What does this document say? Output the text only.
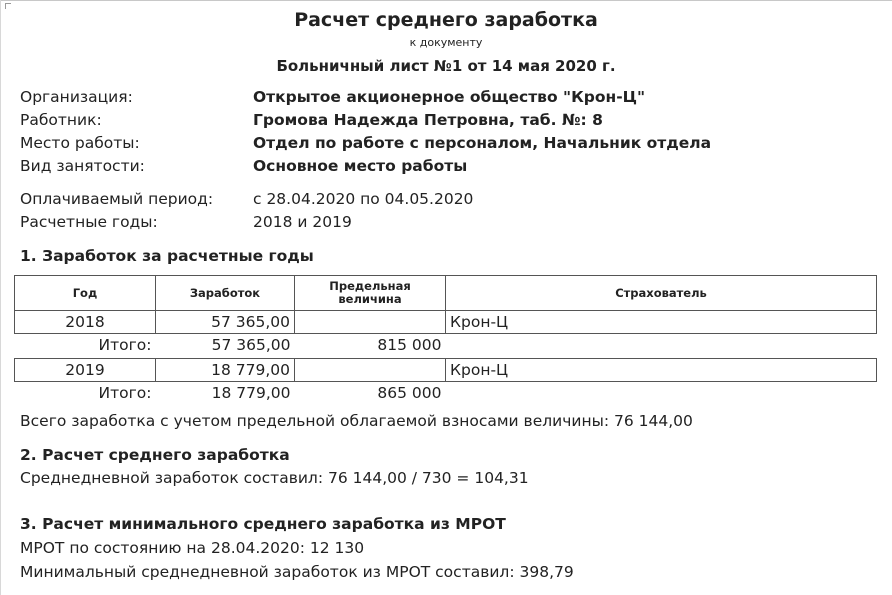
Расчет среднего заработка
к документу
Больничный лист №1 от 14 мая 2020 г.
Организация:	Открытое акционерное общество "Крон-Ц"
Работник:	Громова Надежда Петровна, таб. №: 8
Место работы:	Отдел по работе с персоналом, Начальник отдела
Вид занятости:	Основное место работы
Оплачиваемый период:	с 28.04.2020 по 04.05.2020
Расчетные годы:	2018 и 2019
1. Заработок за расчетные годы
Год	Заработок	Предельная величина	Страхователь
2018	57 365,00		Крон-Ц
Итого:	57 365,00	815 000	

2019	18 779,00		Крон-Ц
Итого:	18 779,00	865 000	
Всего заработка с учетом предельной облагаемой взносами величины: 76 144,00
2. Расчет среднего заработка
Среднедневной заработок составил: 76 144,00 / 730 = 104,31
3. Расчет минимального среднего заработка из МРОТ
МРОТ по состоянию на 28.04.2020: 12 130
Минимальный среднедневной заработок из МРОТ составил: 398,79
